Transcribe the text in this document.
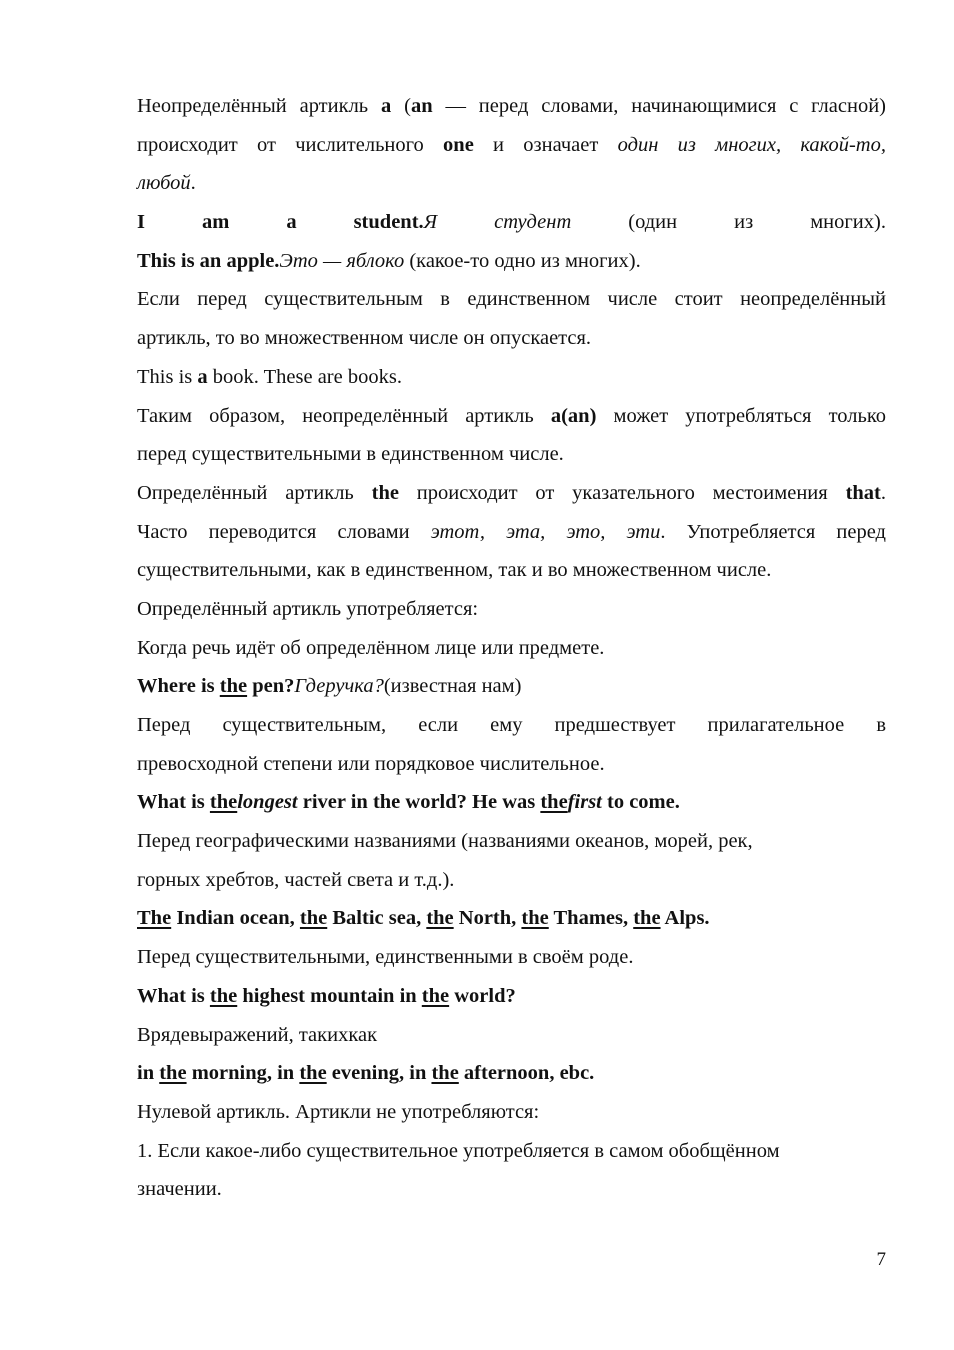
Неопределённый артикль a (an — перед словами, начинающимися с гласной)
происходит от числительного one и означает один из многих, какой-то,
любой.
I am a student.Я студент (один из многих).
This is an apple.Это — яблоко (какое-то одно из многих).
Если перед существительным в единственном числе стоит неопределённый
артикль, то во множественном числе он опускается.
This is a book. These are books.
Таким образом, неопределённый артикль a(an) может употребляться только
перед существительными в единственном числе.
Определённый артикль the происходит от указательного местоимения that.
Часто переводится словами этот, эта, это, эти. Употребляется перед
существительными, как в единственном, так и во множественном числе.
Определённый артикль употребляется:
Когда речь идёт об определённом лице или предмете.
Where is the pen?Гдеручка?(известная нам)
Перед существительным, если ему предшествует прилагательное в
превосходной степени или порядковое числительное.
What is thelongest river in the world? He was thefirst to come.
Перед географическими названиями (названиями океанов, морей, рек,
горных хребтов, частей света и т.д.).
The Indian ocean, the Baltic sea, the North, the Thames, the Alps.
Перед существительными, единственными в своём роде.
What is the highest mountain in the world?
Врядевыражений, такихкак
in the morning, in the evening, in the afternoon, ebc.
Нулевой артикль. Артикли не употребляются:
1. Если какое-либо существительное употребляется в самом обобщённом
значении.
7
